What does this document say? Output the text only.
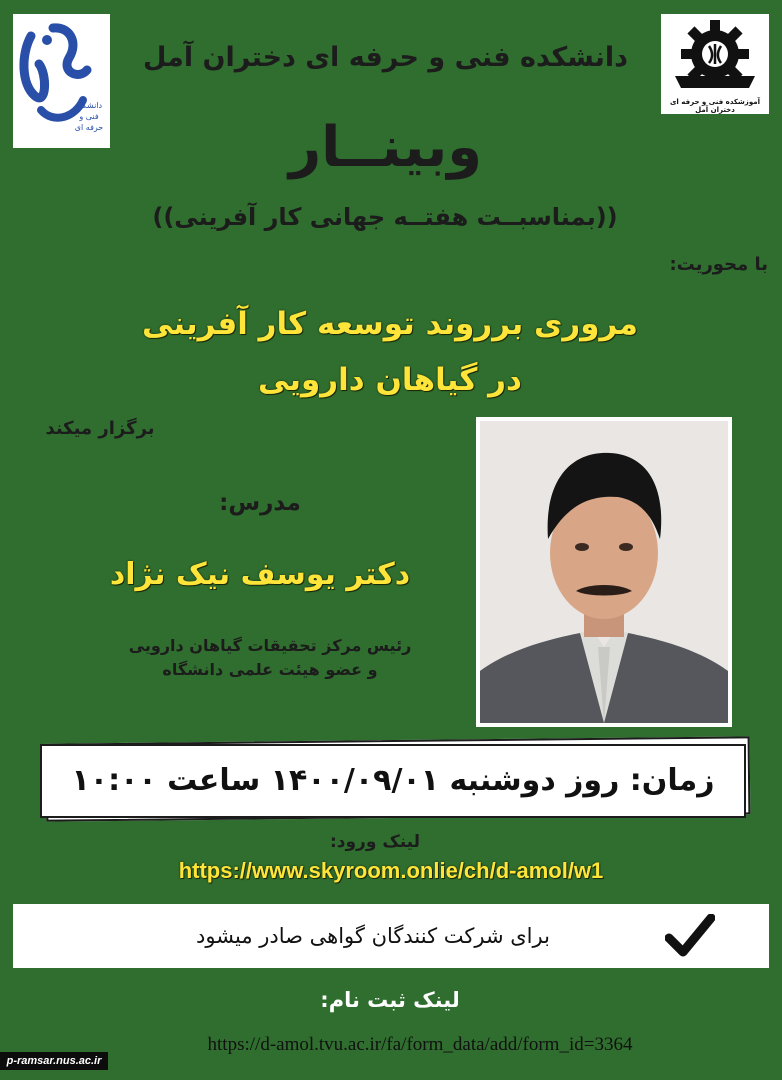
دانشگاه
فنی و حرفه ای
آموزشکده فنی و حرفه ای دختران آمل
دانشکده فنی و حرفه ای دختران آمل
وبینــار
((بمناسبــت هفتــه جهانی کار آفرینی))
با محوریت:
مروری برروند توسعه کار آفرینی
در گیاهان دارویی
برگزار میکند
مدرس:
دکتر یوسف نیک نژاد
رئیس مرکز تحقیقات گیاهان دارویی
و عضو هیئت علمی دانشگاه
زمان: روز دوشنبه ۱۴۰۰/۰۹/۰۱ ساعت ۱۰:۰۰
لینک ورود:
https://www.skyroom.onlie/ch/d-amol/w1
برای شرکت کنندگان گواهی صادر میشود
لینک ثبت نام:
https://d-amol.tvu.ac.ir/fa/form_data/add/form_id=3364
p-ramsar.nus.ac.ir
